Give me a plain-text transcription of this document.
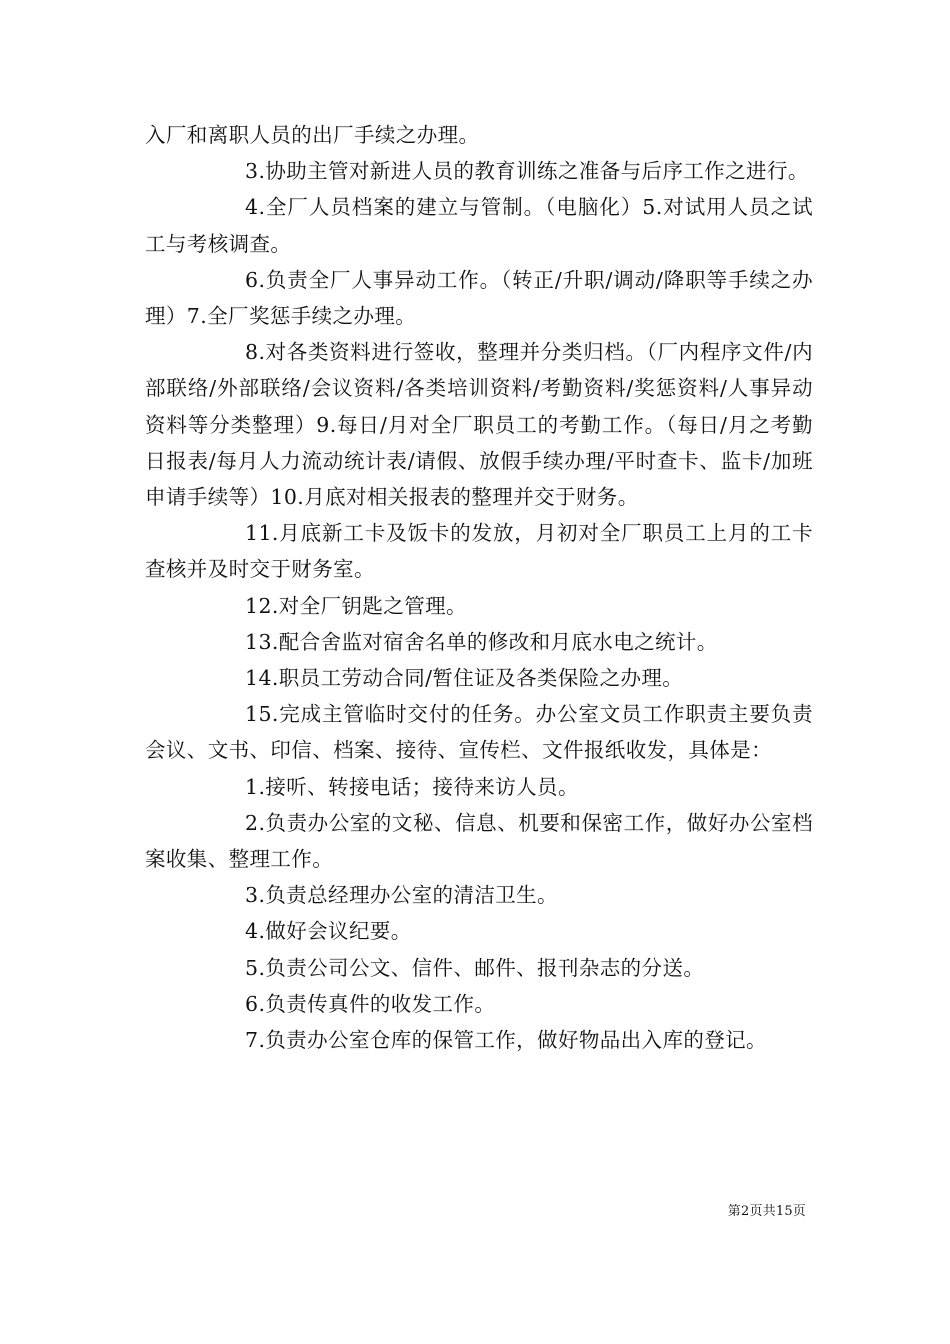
入厂和离职人员的出厂手续之办理。

3.协助主管对新进人员的教育训练之准备与后序工作之进行。

4.全厂人员档案的建立与管制。（电脑化）5.对试用人员之试工与考核调查。

6.负责全厂人事异动工作。（转正/升职/调动/降职等手续之办理）7.全厂奖惩手续之办理。

8.对各类资料进行签收，整理并分类归档。（厂内程序文件/内部联络/外部联络/会议资料/各类培训资料/考勤资料/奖惩资料/人事异动资料等分类整理）9.每日/月对全厂职员工的考勤工作。（每日/月之考勤日报表/每月人力流动统计表/请假、放假手续办理/平时查卡、监卡/加班申请手续等）10.月底对相关报表的整理并交于财务。

11.月底新工卡及饭卡的发放，月初对全厂职员工上月的工卡查核并及时交于财务室。

12.对全厂钥匙之管理。

13.配合舍监对宿舍名单的修改和月底水电之统计。

14.职员工劳动合同/暂住证及各类保险之办理。

15.完成主管临时交付的任务。办公室文员工作职责主要负责会议、文书、印信、档案、接待、宣传栏、文件报纸收发，具体是：

1.接听、转接电话；接待来访人员。

2.负责办公室的文秘、信息、机要和保密工作，做好办公室档案收集、整理工作。

3.负责总经理办公室的清洁卫生。

4.做好会议纪要。

5.负责公司公文、信件、邮件、报刊杂志的分送。

6.负责传真件的收发工作。

7.负责办公室仓库的保管工作，做好物品出入库的登记。

第2页共15页
